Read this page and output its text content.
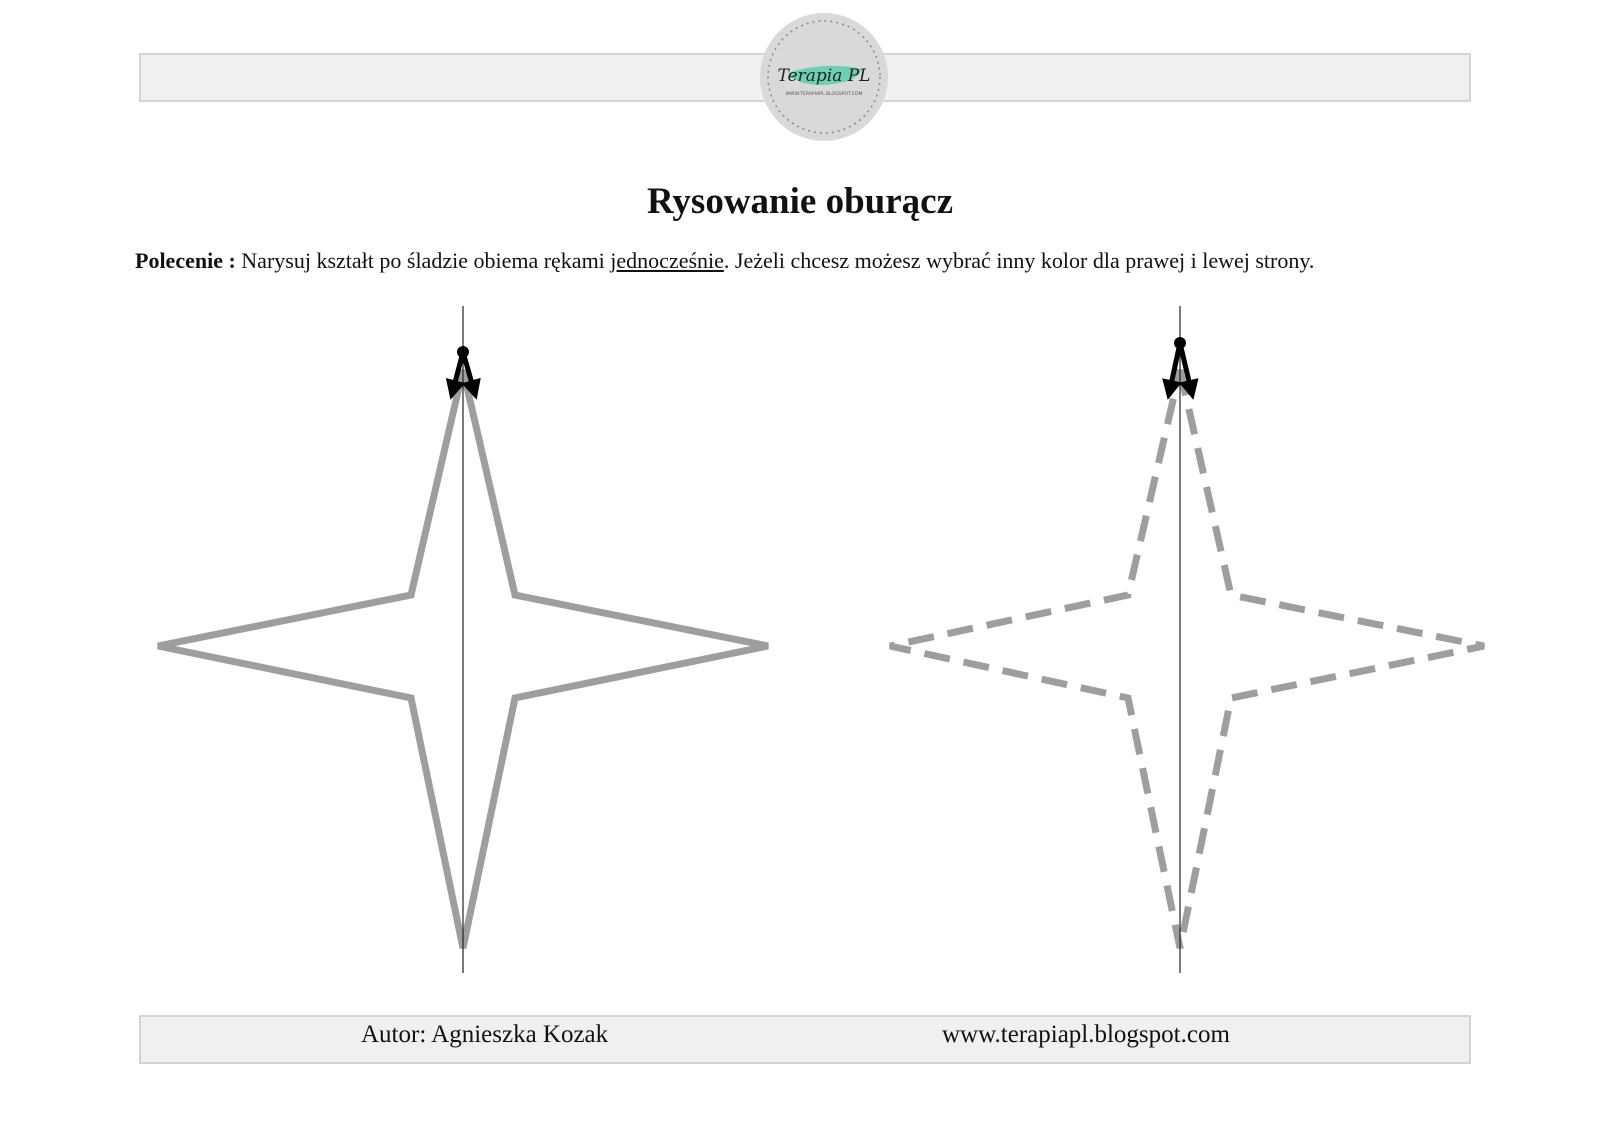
Terapia PL
WWW.TERAPIAPL.BLOGSPOT.COM
Rysowanie oburącz
Polecenie : Narysuj kształt po śladzie obiema rękami jednocześnie. Jeżeli chcesz możesz wybrać inny kolor dla prawej i lewej strony.
Autor: Agnieszka Kozak	www.terapiapl.blogspot.com
